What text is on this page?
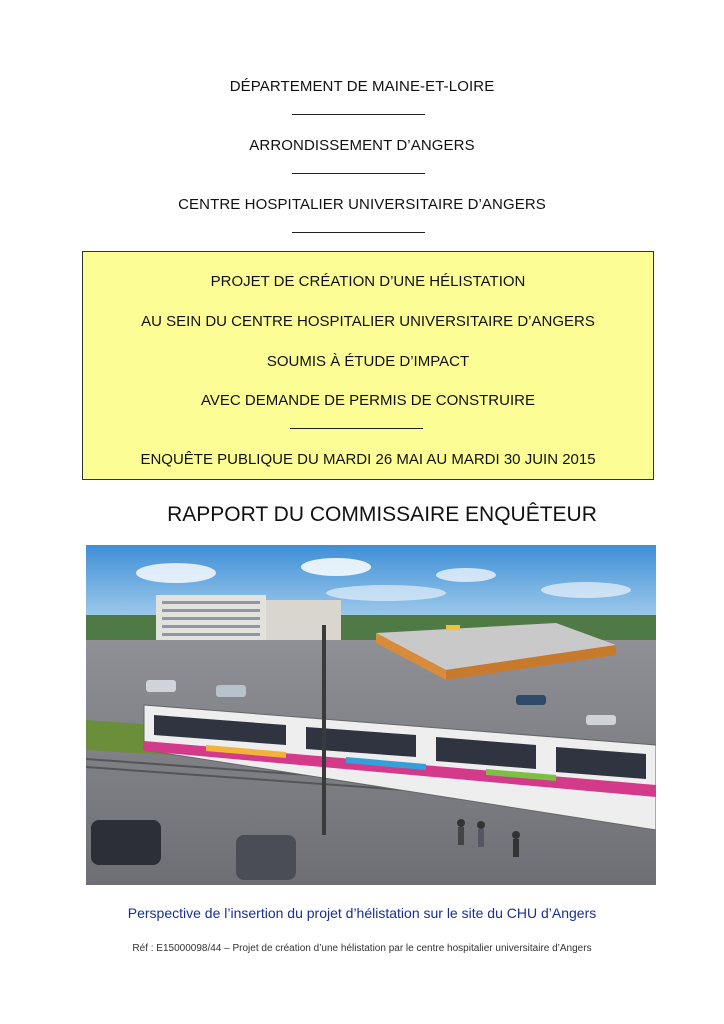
DÉPARTEMENT DE MAINE-ET-LOIRE
ARRONDISSEMENT D’ANGERS
CENTRE HOSPITALIER UNIVERSITAIRE D’ANGERS
PROJET DE CRÉATION D’UNE HÉLISTATION
AU SEIN DU CENTRE HOSPITALIER UNIVERSITAIRE D’ANGERS
SOUMIS À ÉTUDE D’IMPACT
AVEC DEMANDE DE PERMIS DE CONSTRUIRE
ENQUÊTE PUBLIQUE DU MARDI 26 MAI AU MARDI 30 JUIN 2015
RAPPORT DU COMMISSAIRE ENQUÊTEUR
Perspective de l’insertion du projet d’hélistation sur le site du CHU d’Angers
Réf : E15000098/44 – Projet de création d’une hélistation par le centre hospitalier universitaire d’Angers
